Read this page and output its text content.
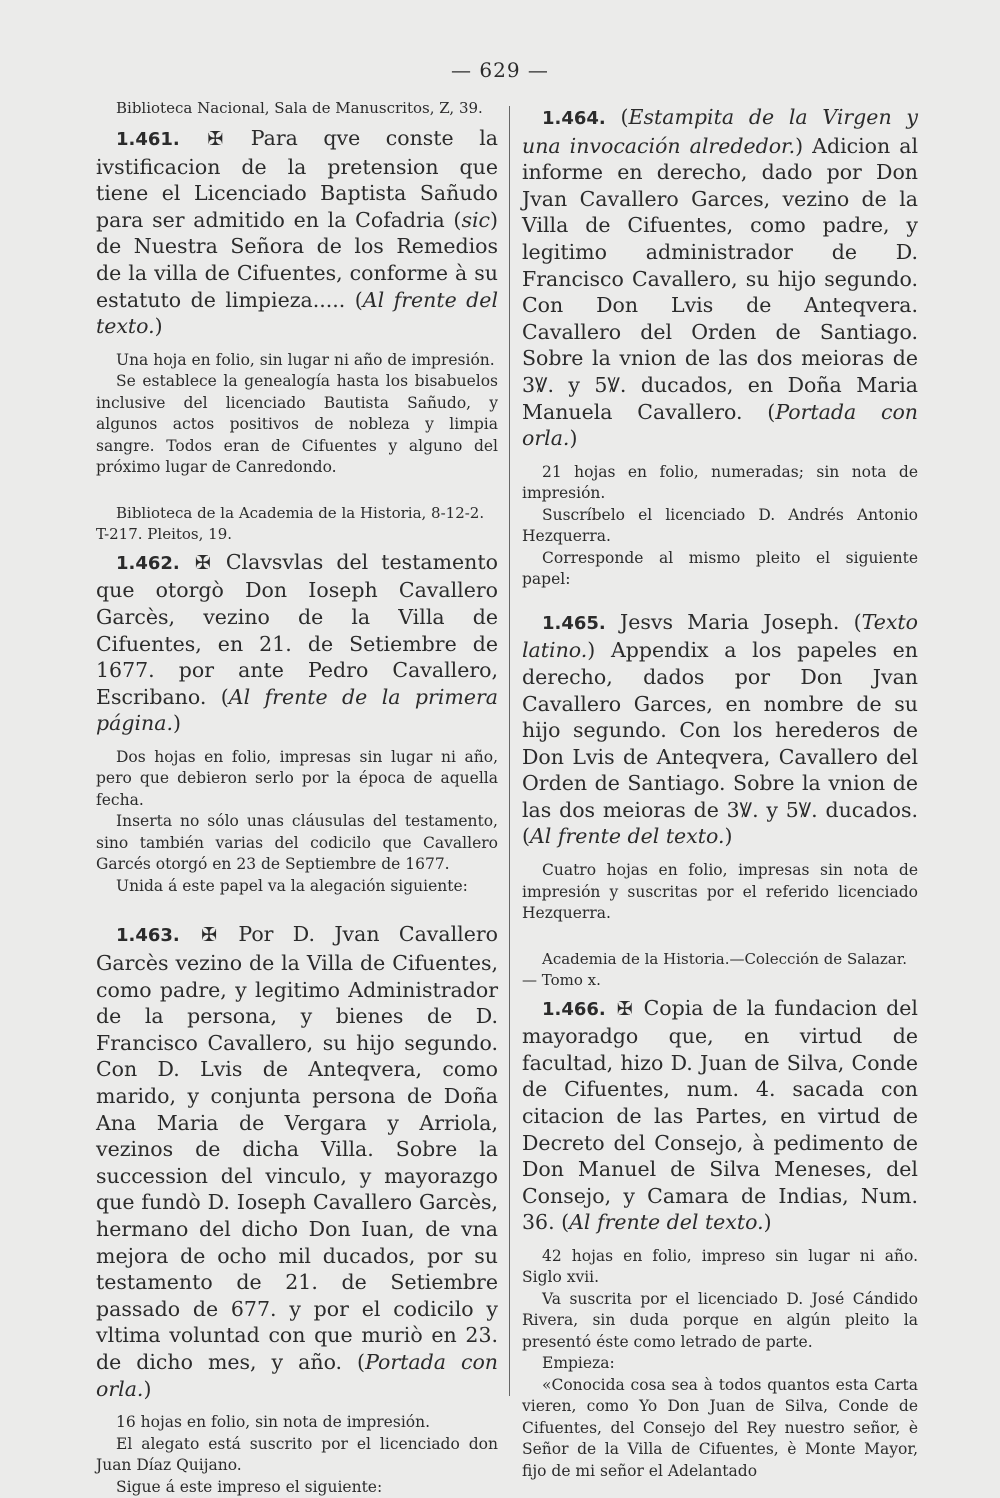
— 629 —

Biblioteca Nacional, Sala de Manuscritos, Z, 39.

1.461. ✠ Para qve conste la ivstificacion de la pretension que tiene el Licenciado Baptista Sañudo para ser admitido en la Cofadria (sic) de Nuestra Señora de los Remedios de la villa de Cifuentes, conforme à su estatuto de limpieza..... (Al frente del texto.)

Una hoja en folio, sin lugar ni año de impresión.

Se establece la genealogía hasta los bisabuelos inclusive del licenciado Bautista Sañudo, y algunos actos positivos de nobleza y limpia sangre. Todos eran de Cifuentes y alguno del próximo lugar de Canredondo.

Biblioteca de la Academia de la Historia, 8-12-2. T-217. Pleitos, 19.

1.462. ✠ Clavsvlas del testamento que otorgò Don Ioseph Cavallero Garcès, vezino de la Villa de Cifuentes, en 21. de Setiembre de 1677. por ante Pedro Cavallero, Escribano. (Al frente de la primera página.)

Dos hojas en folio, impresas sin lugar ni año, pero que debieron serlo por la época de aquella fecha.

Inserta no sólo unas cláusulas del testamento, sino también varias del codicilo que Cavallero Garcés otorgó en 23 de Septiembre de 1677.

Unida á este papel va la alegación siguiente:

1.463. ✠ Por D. Jvan Cavallero Garcès vezino de la Villa de Cifuentes, como padre, y legitimo Administrador de la persona, y bienes de D. Francisco Cavallero, su hijo segundo. Con D. Lvis de Anteqvera, como marido, y conjunta persona de Doña Ana Maria de Vergara y Arriola, vezinos de dicha Villa. Sobre la succession del vinculo, y mayorazgo que fundò D. Ioseph Cavallero Garcès, hermano del dicho Don Iuan, de vna mejora de ocho mil ducados, por su testamento de 21. de Setiembre passado de 677. y por el codicilo y vltima voluntad con que muriò en 23. de dicho mes, y año. (Portada con orla.)

16 hojas en folio, sin nota de impresión.

El alegato está suscrito por el licenciado don Juan Díaz Quijano.

Sigue á este impreso el siguiente:

1.464. (Estampita de la Virgen y una invocación alrededor.) Adicion al informe en derecho, dado por Don Jvan Cavallero Garces, vezino de la Villa de Cifuentes, como padre, y legitimo administrador de D. Francisco Cavallero, su hijo segundo. Con Don Lvis de Anteqvera. Cavallero del Orden de Santiago. Sobre la vnion de las dos meioras de 3Ꝟ. y 5Ꝟ. ducados, en Doña Maria Manuela Cavallero. (Portada con orla.)

21 hojas en folio, numeradas; sin nota de impresión.

Suscríbelo el licenciado D. Andrés Antonio Hezquerra.

Corresponde al mismo pleito el siguiente papel:

1.465. Jesvs Maria Joseph. (Texto latino.) Appendix a los papeles en derecho, dados por Don Jvan Cavallero Garces, en nombre de su hijo segundo. Con los herederos de Don Lvis de Anteqvera, Cavallero del Orden de Santiago. Sobre la vnion de las dos meioras de 3Ꝟ. y 5Ꝟ. ducados. (Al frente del texto.)

Cuatro hojas en folio, impresas sin nota de impresión y suscritas por el referido licenciado Hezquerra.

Academia de la Historia.—Colección de Salazar.— Tomo x.

1.466. ✠ Copia de la fundacion del mayoradgo que, en virtud de facultad, hizo D. Juan de Silva, Conde de Cifuentes, num. 4. sacada con citacion de las Partes, en virtud de Decreto del Consejo, à pedimento de Don Manuel de Silva Meneses, del Consejo, y Camara de Indias, Num. 36. (Al frente del texto.)

42 hojas en folio, impreso sin lugar ni año. Siglo xvii.

Va suscrita por el licenciado D. José Cándido Rivera, sin duda porque en algún pleito la presentó éste como letrado de parte.

Empieza:

«Conocida cosa sea à todos quantos esta Carta vieren, como Yo Don Juan de Silva, Conde de Cifuentes, del Consejo del Rey nuestro señor, è Señor de la Villa de Cifuentes, è Monte Mayor, fijo de mi señor el Adelantado
